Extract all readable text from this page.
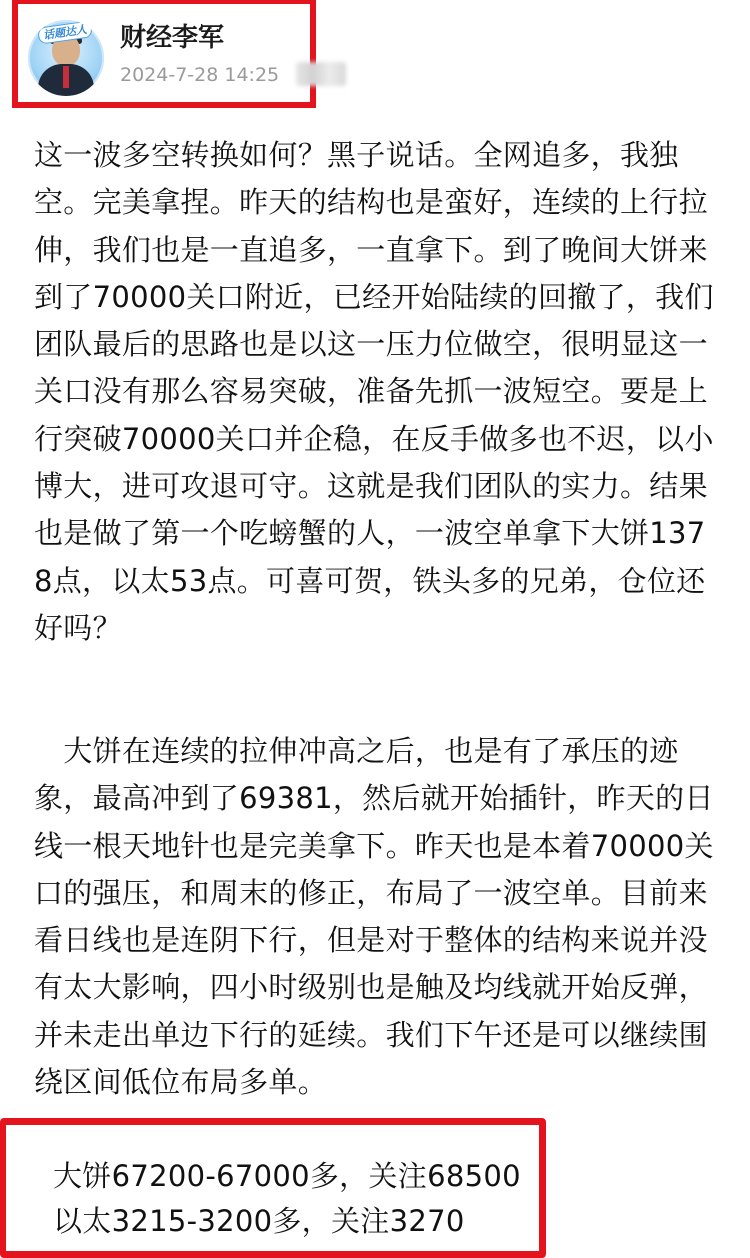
话题达人 财经李军
2024-7-28 14:25
这一波多空转换如何？黑子说话。全网追多，我独空。完美拿捏。昨天的结构也是蛮好，连续的上行拉伸，我们也是一直追多，一直拿下。到了晚间大饼来到了70000关口附近，已经开始陆续的回撤了，我们团队最后的思路也是以这一压力位做空，很明显这一关口没有那么容易突破，准备先抓一波短空。要是上行突破70000关口并企稳，在反手做多也不迟，以小博大，进可攻退可守。这就是我们团队的实力。结果也是做了第一个吃螃蟹的人，一波空单拿下大饼1378点，以太53点。可喜可贺，铁头多的兄弟，仓位还好吗？
　大饼在连续的拉伸冲高之后，也是有了承压的迹象，最高冲到了69381，然后就开始插针，昨天的日线一根天地针也是完美拿下。昨天也是本着70000关口的强压，和周末的修正，布局了一波空单。目前来看日线也是连阴下行，但是对于整体的结构来说并没有太大影响，四小时级别也是触及均线就开始反弹，并未走出单边下行的延续。我们下午还是可以继续围绕区间低位布局多单。
大饼67200-67000多，关注68500
以太3215-3200多，关注3270
